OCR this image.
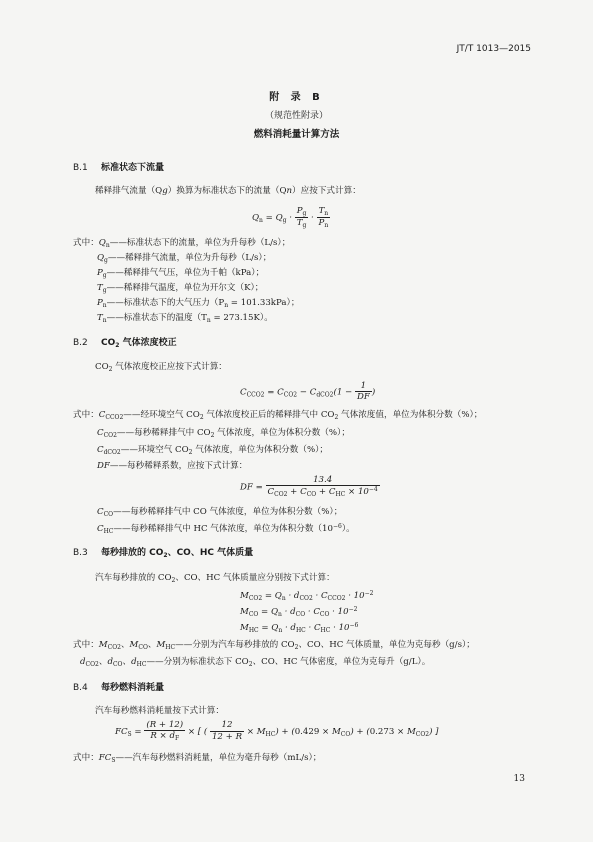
JT/T 1013—2015
附 录 B
（规范性附录）
燃料消耗量计算方法
B.1 标准状态下流量
稀释排气流量（Qg）换算为标准状态下的流量（Qn）应按下式计算：
$Q_n = Q_g \cdot \frac{P_g}{T_g} \cdot \frac{T_n}{P_n}$
式中：$Q_n——$标准状态下的流量，单位为升每秒（L/s）；
$Q_g——$稀释排气流量，单位为升每秒（L/s）；
$P_g——$稀释排气气压，单位为千帕（kPa）；
$T_g——$稀释排气温度，单位为开尔文（K）；
$P_n——$标准状态下的大气压力$(P_n = 101.33kPa)$；
$T_n——$标准状态下的温度$(T_n = 273.15K)$。
B.2 $CO_2$ 气体浓度校正
$CO_2$ 气体浓度校正应按下式计算：
$C_{CCO2} = C_{CO2} - C_{dCO2}(1 - \frac{1}{DF}$ )
式中：$C_{CCO2}——$经环境空气 $CO_2$ 气体浓度校正后的稀释排气中 $CO_2$ 气体浓度值，单位为体积分数（%）；
$C_{CO2}——$每秒稀释排气中 $CO_2$ 气体浓度，单位为体积分数（%）；
$C_{dCO2}——$环境空气 $CO_2$ 气体浓度，单位为体积分数（%）；
DF——每秒稀释系数，应按下式计算：
DF = $\frac{13.4}{C_{CO2} + C_{CO} + C_{HC} \times 10^{-4}}$
$C_{CO}——$每秒稀释排气中 CO 气体浓度，单位为体积分数（%）；
$C_{HC}——$每秒稀释排气中 HC 气体浓度，单位为体积分数$(10^{-6})$。
B.3 每秒排放的 $CO_2$、CO、HC 气体质量
汽车每秒排放的 $CO_2$、CO、HC 气体质量应分别按下式计算：
$M_{CO2} = Q_n \cdot d_{CO2} \cdot C_{CCO2} \cdot 10^{-2}$
$M_{CO} = Q_n \cdot d_{CO} \cdot C_{CO} \cdot 10^{-2}$
$M_{HC} = Q_n \cdot d_{HC} \cdot C_{HC} \cdot 10^{-6}$
式中：$M_{CO2}$、$M_{CO}$、$M_{HC}——$分别为汽车每秒排放的 $CO_2$、CO、HC 气体质量，单位为克每秒（g/s）；
$d_{CO2}$、$d_{CO}$、$d_{HC}——$分别为标准状态下 $CO_2$、CO、HC 气体密度，单位为克每升（g/L）。
B.4 每秒燃料消耗量
汽车每秒燃料消耗量按下式计算：
$FC_S = \frac{(R + 12)}{R \times d_F}$ × [ ( $\frac{12}{12 + R} \times M_{HC}) + (0.429 \times M_{CO}) + (0.273 \times M_{CO2})$ ]
式中：$FC_S——$汽车每秒燃料消耗量，单位为毫升每秒（mL/s）；
13
